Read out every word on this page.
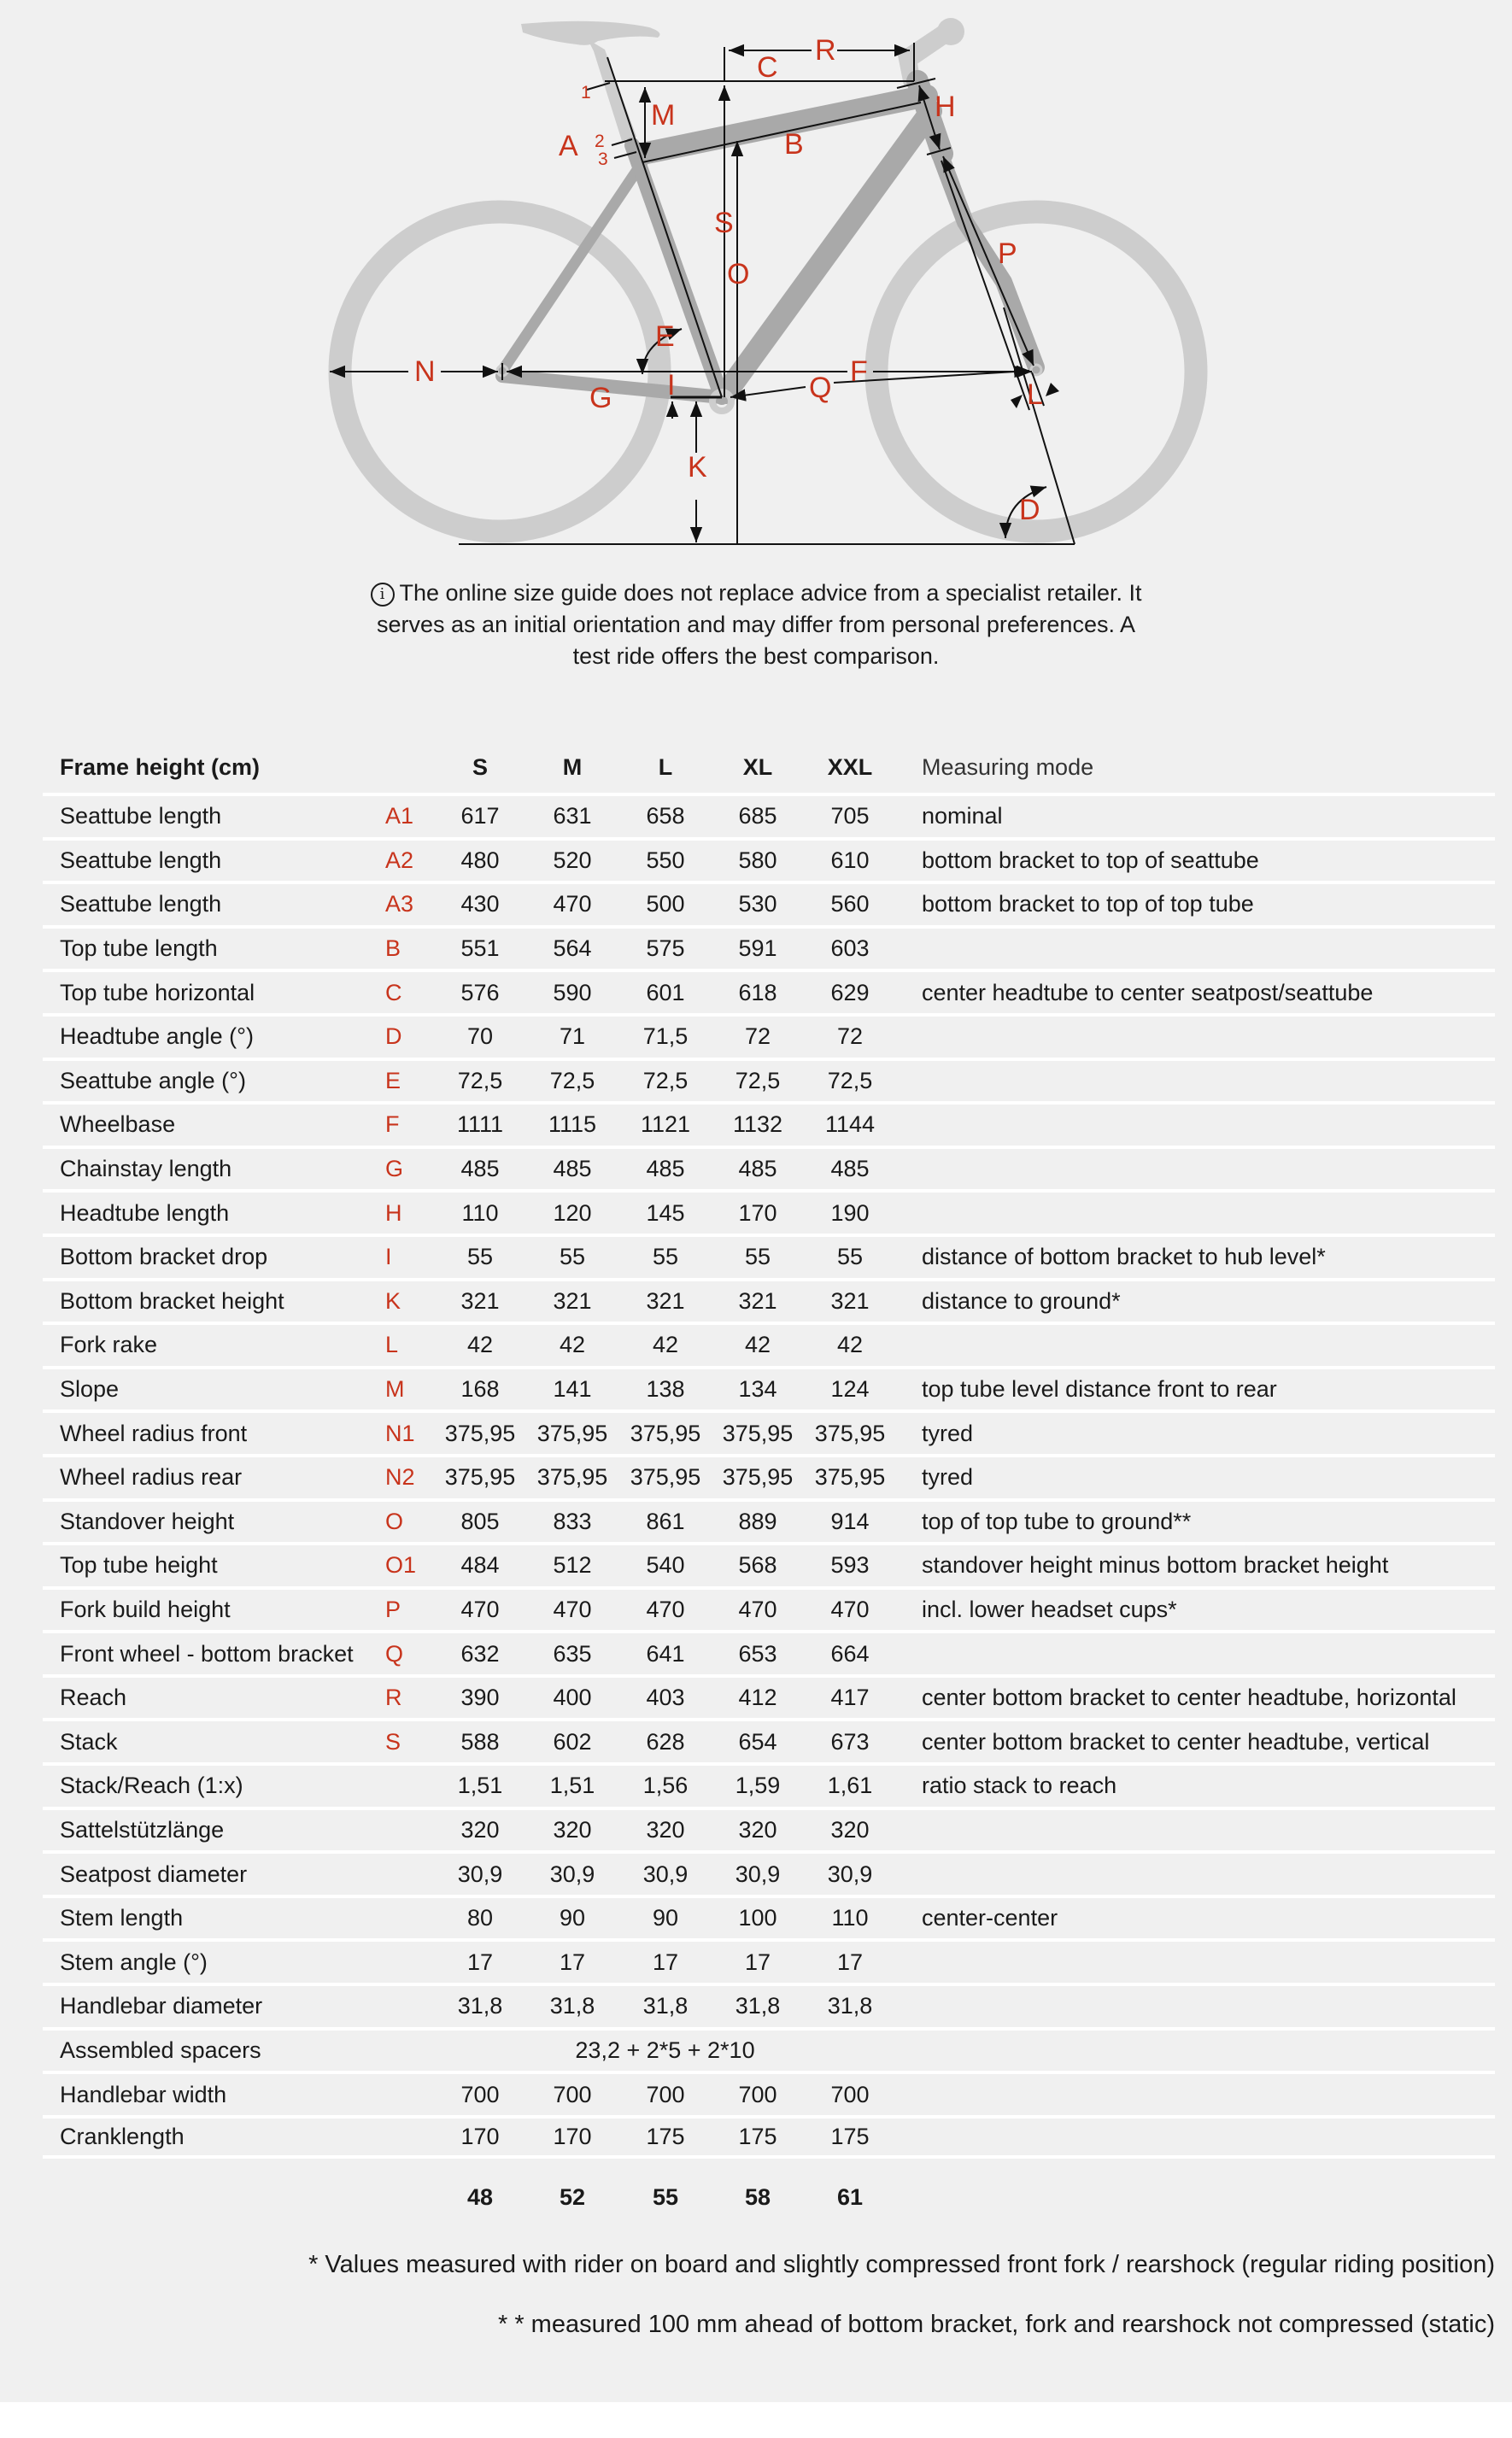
A
1
2
3
M
C
R
B
H
S
O
P
E
N
G I	F
Q	L
K
D
i The online size guide does not replace advice from a specialist retailer. It serves as an initial orientation and may differ from personal preferences. A test ride offers the best comparison.
Frame height (cm)	S	M	L	XL	XXL	Measuring mode
Seattube length	A1	617	631	658	685	705	nominal
Seattube length	A2	480	520	550	580	610	bottom bracket to top of seattube
Seattube length	A3	430	470	500	530	560	bottom bracket to top of top tube
Top tube length	B	551	564	575	591	603
Top tube horizontal	C	576	590	601	618	629	center headtube to center seatpost/seattube
Headtube angle (°)	D	70	71	71,5	72	72
Seattube angle (°)	E	72,5	72,5	72,5	72,5	72,5
Wheelbase	F	1111	1115	1121	1132	1144
Chainstay length	G	485	485	485	485	485
Headtube length	H	110	120	145	170	190
Bottom bracket drop	I	55	55	55	55	55	distance of bottom bracket to hub level*
Bottom bracket height	K	321	321	321	321	321	distance to ground*
Fork rake	L	42	42	42	42	42
Slope	M	168	141	138	134	124	top tube level distance front to rear
Wheel radius front	N1	375,95 375,95 375,95 375,95 375,95	tyred
Wheel radius rear	N2	375,95 375,95 375,95 375,95 375,95	tyred
Standover height	O	805	833	861	889	914	top of top tube to ground**
Top tube height	O1	484	512	540	568	593	standover height minus bottom bracket height
Fork build height	P	470	470	470	470	470	incl. lower headset cups*
Front wheel - bottom bracket Q	632	635	641	653	664
Reach	R	390	400	403	412	417	center bottom bracket to center headtube, horizontal
Stack	S	588	602	628	654	673	center bottom bracket to center headtube, vertical
Stack/Reach (1:x)	1,51	1,51	1,56	1,59	1,61	ratio stack to reach
Sattelstützlänge	320	320	320	320	320
Seatpost diameter	30,9	30,9	30,9	30,9	30,9
Stem length	80	90	90	100	110	center-center
Stem angle (°)	17	17	17	17	17
Handlebar diameter	31,8	31,8	31,8	31,8	31,8
Assembled spacers	23,2 + 2*5 + 2*10
Handlebar width	700	700	700	700	700
Cranklength	170	170	175	175	175
48	52	55	58	61
* Values measured with rider on board and slightly compressed front fork / rearshock (regular riding position)
* * measured 100 mm ahead of bottom bracket, fork and rearshock not compressed (static)
